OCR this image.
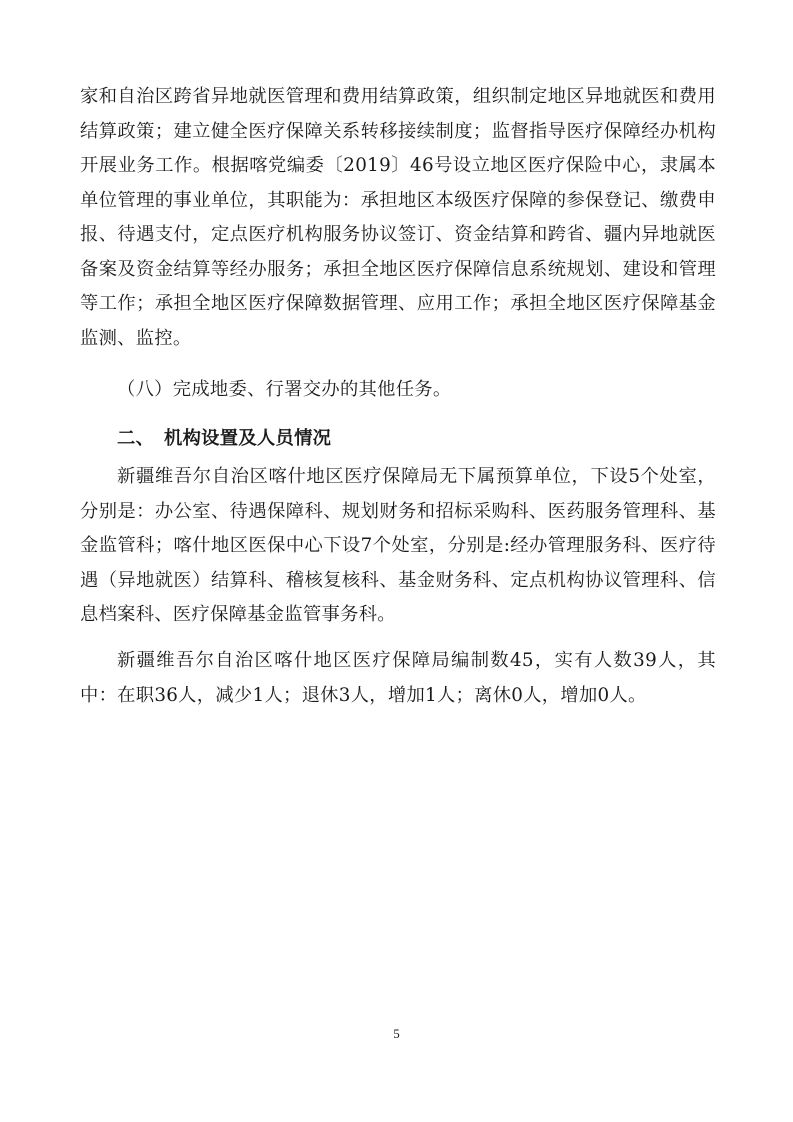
家和自治区跨省异地就医管理和费用结算政策，组织制定地区异地就医和费用结算政策；建立健全医疗保障关系转移接续制度；监督指导医疗保障经办机构开展业务工作。根据喀党编委〔2019〕46号设立地区医疗保险中心，隶属本单位管理的事业单位，其职能为：承担地区本级医疗保障的参保登记、缴费申报、待遇支付，定点医疗机构服务协议签订、资金结算和跨省、疆内异地就医备案及资金结算等经办服务；承担全地区医疗保障信息系统规划、建设和管理等工作；承担全地区医疗保障数据管理、应用工作；承担全地区医疗保障基金监测、监控。

（八）完成地委、行署交办的其他任务。

二、 机构设置及人员情况

新疆维吾尔自治区喀什地区医疗保障局无下属预算单位，下设5个处室，分别是：办公室、待遇保障科、规划财务和招标采购科、医药服务管理科、基金监管科；喀什地区医保中心下设7个处室，分别是:经办管理服务科、医疗待遇（异地就医）结算科、稽核复核科、基金财务科、定点机构协议管理科、信息档案科、医疗保障基金监管事务科。

新疆维吾尔自治区喀什地区医疗保障局编制数45，实有人数39人，其中：在职36人，减少1人；退休3人，增加1人；离休0人，增加0人。

5
